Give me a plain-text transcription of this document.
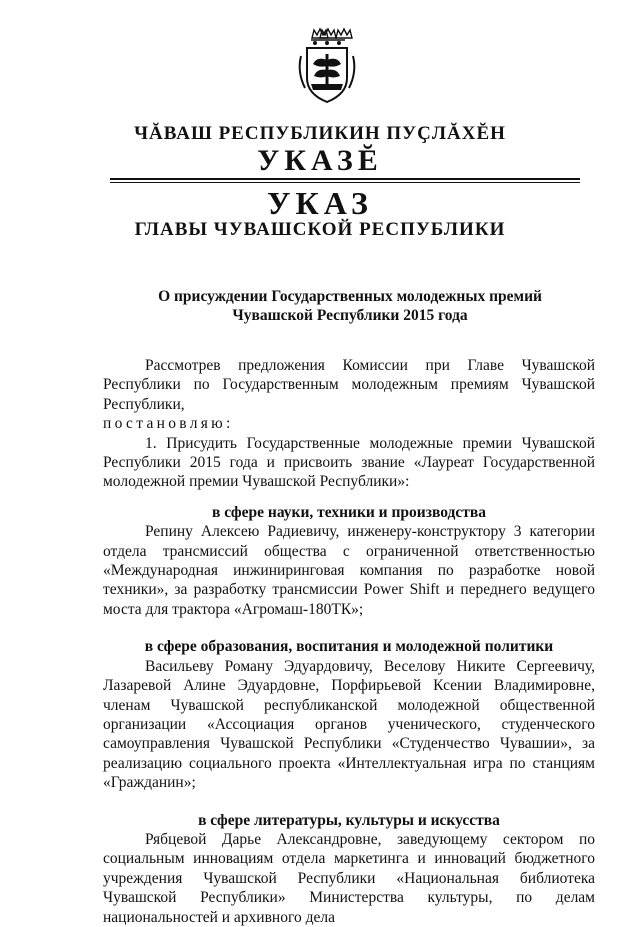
ЧĂВАШ РЕСПУБЛИКИН ПУҪЛĂХĔН
УКАЗĔ
УКАЗ
ГЛАВЫ ЧУВАШСКОЙ РЕСПУБЛИКИ
О присуждении Государственных молодежных премий
Чувашской Республики 2015 года

Рассмотрев предложения Комиссии при Главе Чувашской Республики по Государственным молодежным премиям Чувашской Республики,

постановляю:

1. Присудить Государственные молодежные премии Чувашской Республики 2015 года и присвоить звание «Лауреат Государственной молодежной премии Чувашской Республики»:

в сфере науки, техники и производства

Репину Алексею Радиевичу, инженеру-конструктору 3 категории отдела трансмиссий общества с ограниченной ответственностью «Международная инжиниринговая компания по разработке новой техники», за разработку трансмиссии Power Shift и переднего ведущего моста для трактора «Агромаш-180ТК»;

в сфере образования, воспитания и молодежной политики

Васильеву Роману Эдуардовичу, Веселову Никите Сергеевичу, Лазаревой Алине Эдуардовне, Порфирьевой Ксении Владимировне, членам Чувашской республиканской молодежной общественной организации «Ассоциация органов ученического, студенческого самоуправления Чувашской Республики «Студенчество Чувашии», за реализацию социального проекта «Интеллектуальная игра по станциям «Гражданин»;

в сфере литературы, культуры и искусства

Рябцевой Дарье Александровне, заведующему сектором по социальным инновациям отдела маркетинга и инноваций бюджетного учреждения Чувашской Республики «Национальная библиотека Чувашской Республики» Министерства культуры, по делам национальностей и архивного дела
